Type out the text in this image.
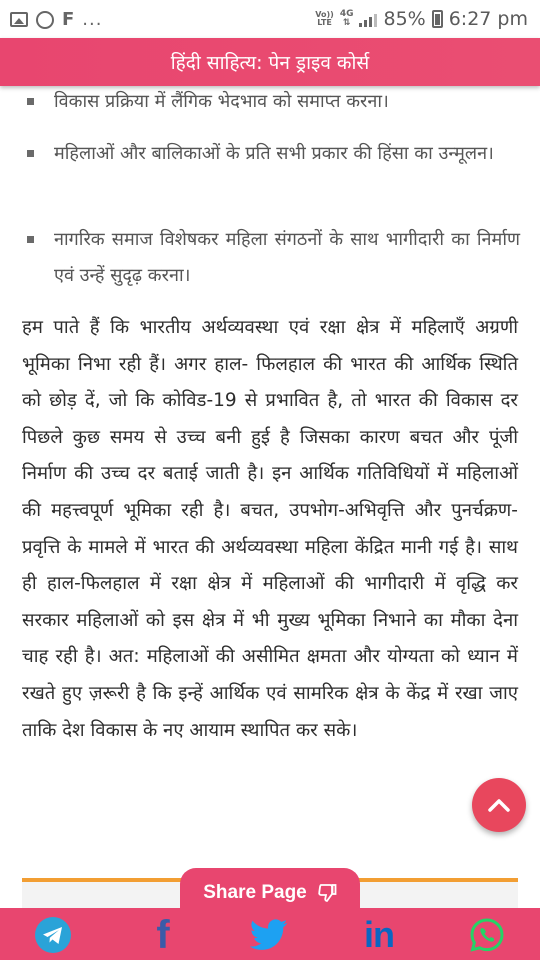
F ...	Vo))
LTE
4G
⇅ 85% 6:27 pm
हिंदी साहित्य: पेन ड्राइव कोर्स
विकास प्रक्रिया में लैंगिक भेदभाव को समाप्त करना।
महिलाओं और बालिकाओं के प्रति सभी प्रकार की हिंसा का उन्मूलन।
नागरिक समाज विशेषकर महिला संगठनों के साथ भागीदारी का निर्माण एवं उन्हें सुदृढ़ करना।

हम पाते हैं कि भारतीय अर्थव्यवस्था एवं रक्षा क्षेत्र में महिलाएँ अग्रणी भूमिका निभा रही हैं। अगर हाल- फिलहाल की भारत की आर्थिक स्थिति को छोड़ दें, जो कि कोविड-19 से प्रभावित है, तो भारत की विकास दर पिछले कुछ समय से उच्च बनी हुई है जिसका कारण बचत और पूंजी निर्माण की उच्च दर बताई जाती है। इन आर्थिक गतिविधियों में महिलाओं की महत्त्वपूर्ण भूमिका रही है। बचत, उपभोग-अभिवृत्ति और पुनर्चक्रण-प्रवृत्ति के मामले में भारत की अर्थव्यवस्था महिला केंद्रित मानी गई है। साथ ही हाल-फिलहाल में रक्षा क्षेत्र में महिलाओं की भागीदारी में वृद्धि कर सरकार महिलाओं को इस क्षेत्र में भी मुख्य भूमिका निभाने का मौका देना चाह रही है। अत: महिलाओं की असीमित क्षमता और योग्यता को ध्यान में रखते हुए ज़रूरी है कि इन्हें आर्थिक एवं सामरिक क्षेत्र के केंद्र में रखा जाए ताकि देश विकास के नए आयाम स्थापित कर सके।

Share Page
f	in
